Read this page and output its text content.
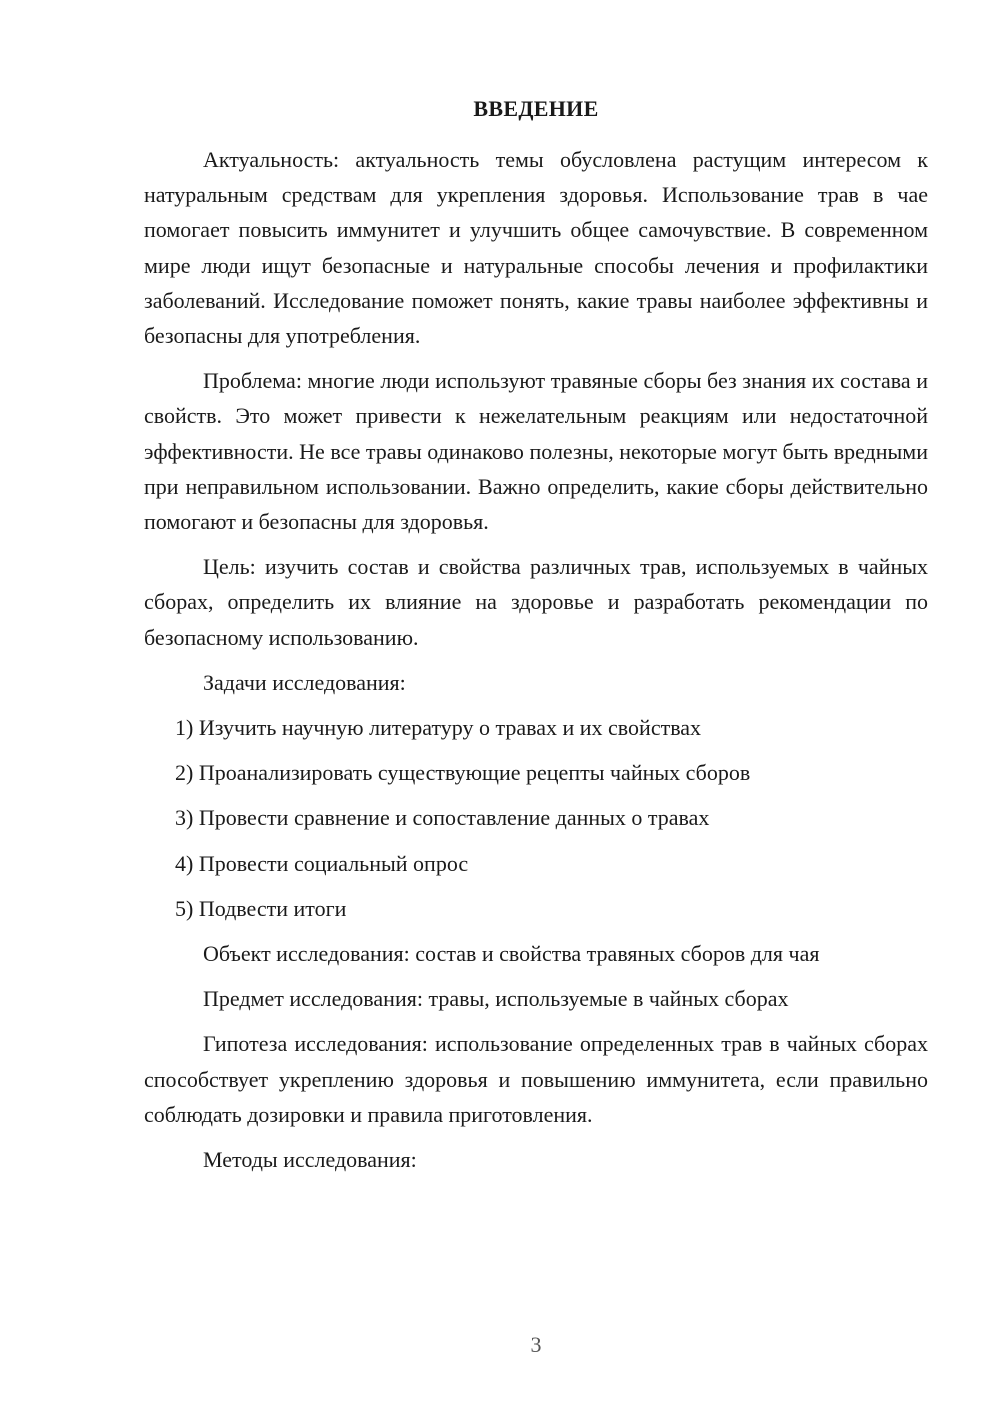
ВВЕДЕНИЕ

Актуальность: актуальность темы обусловлена растущим интересом к натуральным средствам для укрепления здоровья. Использование трав в чае помогает повысить иммунитет и улучшить общее самочувствие. В современном мире люди ищут безопасные и натуральные способы лечения и профилактики заболеваний. Исследование поможет понять, какие травы наиболее эффективны и безопасны для употребления.

Проблема: многие люди используют травяные сборы без знания их состава и свойств. Это может привести к нежелательным реакциям или недостаточной эффективности. Не все травы одинаково полезны, некоторые могут быть вредными при неправильном использовании. Важно определить, какие сборы действительно помогают и безопасны для здоровья.

Цель: изучить состав и свойства различных трав, используемых в чайных сборах, определить их влияние на здоровье и разработать рекомендации по безопасному использованию.

Задачи исследования:

1) Изучить научную литературу о травах и их свойствах

2) Проанализировать существующие рецепты чайных сборов

3) Провести сравнение и сопоставление данных о травах

4) Провести социальный опрос

5) Подвести итоги

Объект исследования: состав и свойства травяных сборов для чая

Предмет исследования: травы, используемые в чайных сборах

Гипотеза исследования: использование определенных трав в чайных сборах способствует укреплению здоровья и повышению иммунитета, если правильно соблюдать дозировки и правила приготовления.

Методы исследования:

3
